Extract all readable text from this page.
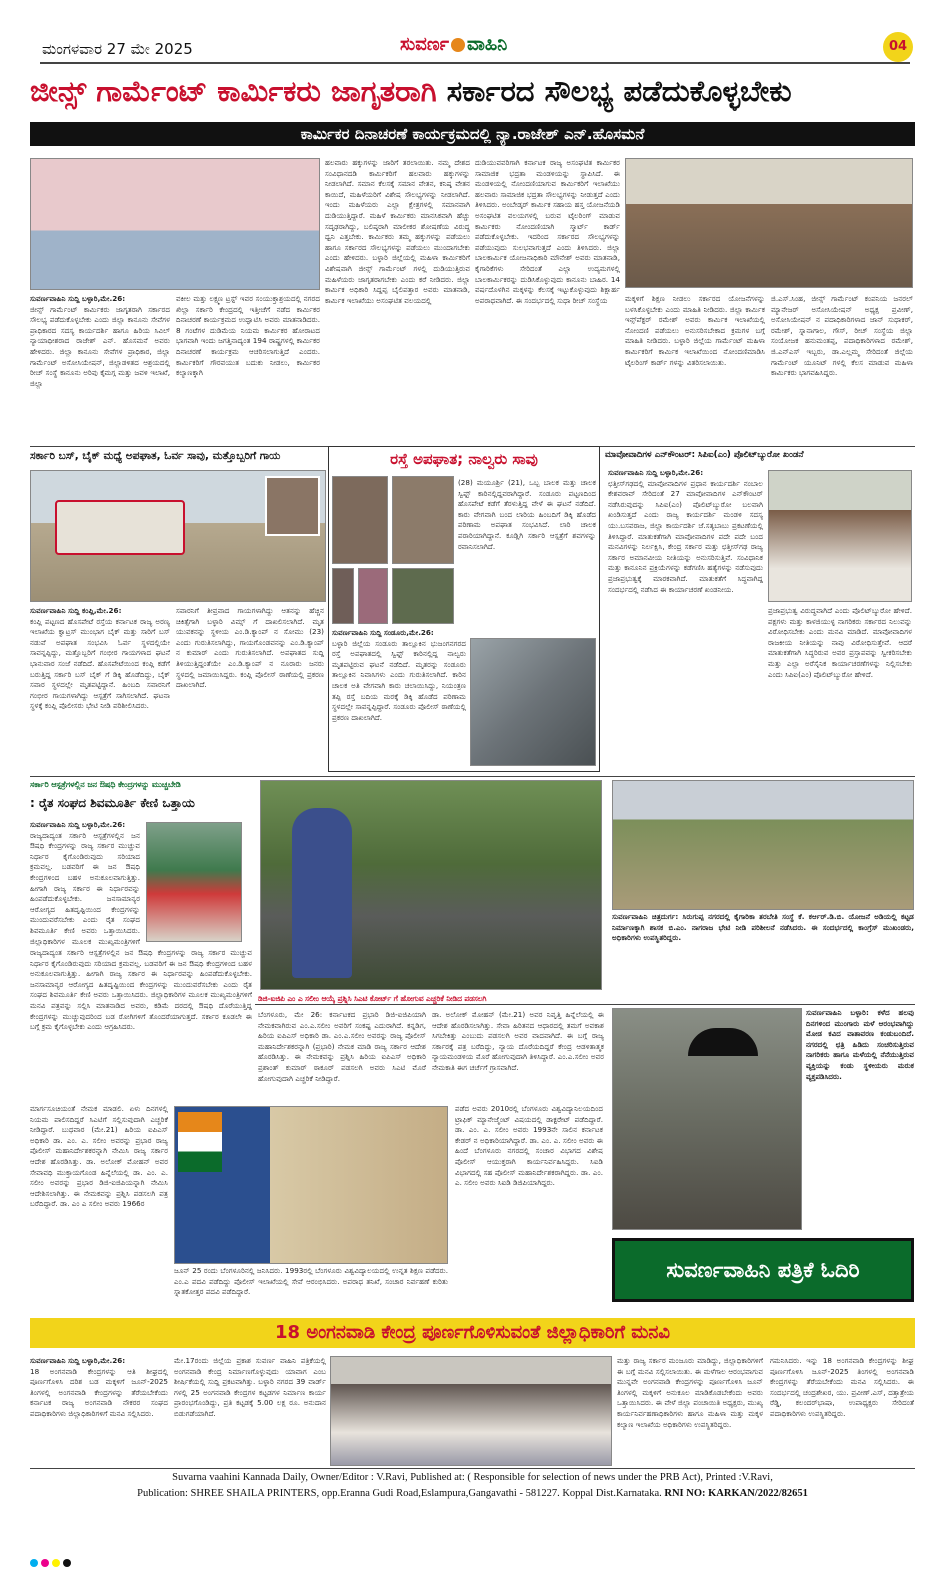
ಮಂಗಳವಾರ 27 ಮೇ 2025	ಸುವರ್ಣ ವಾಹಿನಿ	04
ಜೀನ್ಸ್ ಗಾರ್ಮೆಂಟ್ ಕಾರ್ಮಿಕರು ಜಾಗೃತರಾಗಿ ಸರ್ಕಾರದ ಸೌಲಭ್ಯ ಪಡೆದುಕೊಳ್ಳಬೇಕು
ಕಾರ್ಮಿಕರ ದಿನಾಚರಣೆ ಕಾರ್ಯಕ್ರಮದಲ್ಲಿ ನ್ಯಾ.ರಾಜೇಶ್ ಎನ್.ಹೊಸಮನೆ

ಸುವರ್ಣವಾಹಿನಿ ಸುದ್ದಿ ಬಳ್ಳಾರಿ,ಮೇ.26:

ಜೀನ್ಸ್ ಗಾರ್ಮೆಂಟ್ ಕಾರ್ಮಿಕರು ಜಾಗೃತರಾಗಿ ಸರ್ಕಾರದ ಸೌಲಭ್ಯ ಪಡೆದುಕೊಳ್ಳಬೇಕು ಎಂದು ಜಿಲ್ಲಾ ಕಾನೂನು ಸೇವೆಗಳ ಪ್ರಾಧಿಕಾರದ ಸದಸ್ಯ ಕಾರ್ಯದರ್ಶಿ ಹಾಗೂ ಹಿರಿಯ ಸಿವಿಲ್ ನ್ಯಾಯಾಧೀಶರಾದ ರಾಜೇಶ್ ಎನ್. ಹೊಸಮನೆ ಅವರು ಹೇಳಿದರು. ಜಿಲ್ಲಾ ಕಾನೂನು ಸೇವೆಗಳ ಪ್ರಾಧಿಕಾರ, ಜಿಲ್ಲಾ ಗಾರ್ಮೆಂಟ್ ಅಸೋಸಿಯೇಷನ್, ಜಿಲ್ಲಾಡಳಿತದ ಆಶ್ರಯದಲ್ಲಿ ರೀಚ್ ಸಂಸ್ಥೆ ಕಾನೂನು ಅರಿವು ಕೈಮಗ್ಗ ಮತ್ತು ಜವಳಿ ಇಲಾಖೆ, ಜಿಲ್ಲಾ

ವಕೀಲ ಮತ್ತು ಲಕ್ಷ್ಮಣ ಟ್ರಸ್ಟ್ ಇವರ ಸಂಯುಕ್ತಾಶ್ರಯದಲ್ಲಿ ನಗರದ ಖಿಲ್ಲಾ ಸರ್ಕಾರಿ ಕೇಂದ್ರದಲ್ಲಿ ಇತ್ತೀಚೆಗೆ ನಡೆದ ಕಾರ್ಮಿಕರ ದಿನಾಚರಣೆ ಕಾರ್ಯಕ್ರಮದ ಉದ್ಘಾಟಿಸಿ ಅವರು ಮಾತನಾಡಿದರು. 8 ಗಂಟೆಗಳ ದುಡಿಮೆಯ ನಿಯಮ ಕಾರ್ಮಿಕರ ಹೋರಾಟದ ಭಾಗವಾಗಿ ಇಂದು ಜಗತ್ತಿನಾದ್ಯಂತ 194 ರಾಷ್ಟ್ರಗಳಲ್ಲಿ ಕಾರ್ಮಿಕರ ದಿನಾಚರಣೆ ಕಾರ್ಯಕ್ರಮ ಆಚರಿಸಲಾಗುತ್ತಿದೆ ಎಂದರು. ಕಾರ್ಮಿಕರಿಗೆ ಗೌರವಯುತ ಬದುಕು ನೀಡಲು, ಕಾರ್ಮಿಕರ ಕಲ್ಯಾಣಕ್ಕಾಗಿ

ಹಲವಾರು ಹಕ್ಕುಗಳನ್ನು ಜಾರಿಗೆ ತರಲಾಯಿತು. ನಮ್ಮ ದೇಶದ ಸಂವಿಧಾನದಡಿ ಕಾರ್ಮಿಕರಿಗೆ ಹಲವಾರು ಹಕ್ಕುಗಳನ್ನು ನೀಡಲಾಗಿದೆ. ಸಮಾನ ಕೆಲಸಕ್ಕೆ ಸಮಾನ ವೇತನ, ಕನಿಷ್ಠ ವೇತನ ಕಾಯಿದೆ, ಮಹಿಳೆಯರಿಗೆ ವಿಶೇಷ ಸೌಲಭ್ಯಗಳನ್ನು ನೀಡಲಾಗಿದೆ. ಇಂದು ಮಹಿಳೆಯರು ಎಲ್ಲಾ ಕ್ಷೇತ್ರಗಳಲ್ಲಿ ಸಮಾನವಾಗಿ ದುಡಿಯುತ್ತಿದ್ದಾರೆ. ಮಹಿಳೆ ಕಾರ್ಮಿಕರು ಮಾನಸಿಕವಾಗಿ ಹೆಚ್ಚು ಸದೃಢರಾಗಿದ್ದು, ಬಲಿಷ್ಠರಾಗಿ ಮಾಲೀಕರ ಶೋಷಣೆಯ ವಿರುದ್ಧ ಧ್ವನಿ ಎತ್ತಬೇಕು. ಕಾರ್ಮಿಕರು ತಮ್ಮ ಹಕ್ಕುಗಳನ್ನು ಪಡೆಯಲು ಹಾಗೂ ಸರ್ಕಾರದ ಸೌಲಭ್ಯಗಳನ್ನು ಪಡೆಯಲು ಮುಂದಾಗಬೇಕು ಎಂದು ಹೇಳಿದರು. ಬಳ್ಳಾರಿ ಜಿಲ್ಲೆಯಲ್ಲಿ ಮಹಿಳಾ ಕಾರ್ಮಿಕರಿಗೆ ವಿಶೇಷವಾಗಿ ಜೀನ್ಸ್ ಗಾರ್ಮೆಂಟ್ ಗಳಲ್ಲಿ ದುಡಿಯುತ್ತಿರುವ ಮಹಿಳೆಯರು ಜಾಗೃತರಾಗಬೇಕು ಎಂದು ಕರೆ ನೀಡಿದರು. ಜಿಲ್ಲಾ ಕಾರ್ಮಿಕ ಅಧಿಕಾರಿ ಸಿದ್ದಪ್ಪ ಬೈಲಿಪತ್ತಾರ ಅವರು ಮಾತನಾಡಿ, ಕಾರ್ಮಿಕ ಇಲಾಖೆಯು ಅಸಂಘಟಿತ ವಲಯದಲ್ಲಿ

ದುಡಿಯುವವರಿಗಾಗಿ ಕರ್ನಾಟಕ ರಾಜ್ಯ ಅಸಂಘಟಿತ ಕಾರ್ಮಿಕರ ಸಾಮಾಜಿಕ ಭದ್ರತಾ ಮಂಡಳಿಯನ್ನು ಸ್ಥಾಪಿಸಿದೆ. ಈ ಮಂಡಳಿಯಲ್ಲಿ ನೋಂದಣಿಯಾಗುವ ಕಾರ್ಮಿಕರಿಗೆ ಇಲಾಖೆಯು ಹಲವಾರು ಸಾಮಾಜಿಕ ಭದ್ರತಾ ಸೌಲಭ್ಯಗಳನ್ನು ನೀಡುತ್ತದೆ ಎಂದು ತಿಳಿಸಿದರು. ಅಂಬೇಡ್ಕರ್ ಕಾರ್ಮಿಕ ಸಹಾಯ ಹಸ್ತ ಯೋಜನೆಯಡಿ ಅಸಂಘಟಿತ ವಲಯಗಳಲ್ಲಿ ಬರುವ ಟೈಲರಿಂಗ್ ಮಾಡುವ ಕಾರ್ಮಿಕರು ನೋಂದಣಿಯಾಗಿ ಸ್ಮಾರ್ಟ್ ಕಾರ್ಡ್ ಪಡೆದುಕೊಳ್ಳಬೇಕು. ಇದರಿಂದ ಸರ್ಕಾರದ ಸೌಲಭ್ಯಗಳನ್ನು ಪಡೆಯುವುದು ಸುಲಭವಾಗುತ್ತದೆ ಎಂದು ತಿಳಿಸಿದರು. ಜಿಲ್ಲಾ ಬಾಲಕಾರ್ಮಿಕ ಯೋಜನಾಧಿಕಾರಿ ಮೌನೇಶ್ ಅವರು ಮಾತನಾಡಿ, ಕೈಗಾರಿಕೆಗಳು ಸೇರಿದಂತೆ ಎಲ್ಲಾ ಉದ್ಯಮಗಳಲ್ಲಿ ಬಾಲಕಾರ್ಮಿಕರನ್ನು ದುಡಿಸಿಕೊಳ್ಳುವುದು ಕಾನೂನು ಬಾಹಿರ. 14 ವರ್ಷದೊಳಗಿನ ಮಕ್ಕಳನ್ನು ಕೆಲಸಕ್ಕೆ ಇಟ್ಟುಕೊಳ್ಳುವುದು ಶಿಕ್ಷಾರ್ಹ ಅಪರಾಧವಾಗಿದೆ. ಈ ಸಂದರ್ಭದಲ್ಲಿ ಸುಧಾ ರೀಚ್ ಸಂಸ್ಥೆಯ	ಮಕ್ಕಳಿಗೆ ಶಿಕ್ಷಣ ನೀಡಲು ಸರ್ಕಾರದ ಯೋಜನೆಗಳನ್ನು ಬಳಸಿಕೊಳ್ಳಬೇಕು ಎಂದು ಮಾಹಿತಿ ನೀಡಿದರು. ಜಿಲ್ಲಾ ಕಾರ್ಮಿಕ ಇನ್ಸ್‌ಪೆಕ್ಟರ್ ರಮೇಶ್ ಅವರು ಕಾರ್ಮಿಕ ಇಲಾಖೆಯಲ್ಲಿ ನೋಂದಣಿ ಪಡೆಯಲು ಅನುಸರಿಸಬೇಕಾದ ಕ್ರಮಗಳ ಬಗ್ಗೆ ಮಾಹಿತಿ ನೀಡಿದರು. ಬಳ್ಳಾರಿ ಜಿಲ್ಲೆಯ ಗಾರ್ಮೆಂಟ್ ಮಹಿಳಾ ಕಾರ್ಮಿಕರಿಗೆ ಕಾರ್ಮಿಕ ಇಲಾಖೆಯಿಂದ ನೋಂದಣಿಮಾಡಿಸಿ ಟೈಲರಿಂಗ್ ಕಾರ್ಡ್ ಗಳನ್ನು ವಿತರಿಸಲಾಯಿತು.

ಜಿ.ಎಸ್.ಸಿಂಹ, ಜೀನ್ಸ್ ಗಾರ್ಮೆಂಟ್ ಕಂಪನಿಯ ಜನರಲ್ ಮ್ಯಾನೇಜರ್ ಅಸೋಸಿಯೇಷನ್ ಅಧ್ಯಕ್ಷ ಪ್ರವೀಣ್, ಅಸೋಸಿಯೇಷನ್ ನ ಪದಾಧಿಕಾರಿಗಳಾದ ಜಾನ್ ಸುಧಾಕರ್, ರಮೇಶ್, ಸ್ನಾನಾಗಾಲ, ಗೌಸ್, ರೀಚ್ ಸಂಸ್ಥೆಯ ಜಿಲ್ಲಾ ಸಂಯೋಜಕ ಹನುಮಂತಪ್ಪ, ಪದಾಧಿಕಾರಿಗಳಾದ ರಮೇಶ್, ಜಿ.ಎನ್ಎಸ್ ಇಬ್ಬರು, ಡಾ.ಎಲ್ಲಮ್ಮ ಸೇರಿದಂತೆ ಜಿಲ್ಲೆಯ ಗಾರ್ಮೆಂಟ್ ಯೂನಿಟ್ ಗಳಲ್ಲಿ ಕೆಲಸ ಮಾಡುವ ಮಹಿಳಾ ಕಾರ್ಮಿಕರು ಭಾಗವಹಿಸಿದ್ದರು.

ಸರ್ಕಾರಿ ಬಸ್, ಬೈಕ್ ಮಧ್ಯೆ ಅಪಘಾತ, ಓರ್ವ ಸಾವು, ಮತ್ತೊಬ್ಬರಿಗೆ ಗಾಯ

ಸುವರ್ಣವಾಹಿನಿ ಸುದ್ದಿ ಕಂಪ್ಲಿ,ಮೇ.26:

ಕಂಪ್ಲಿ ಪಟ್ಟಣದ ಹೊಸಪೇಟೆ ರಸ್ತೆಯ ಕರ್ನಾಟಕ ರಾಜ್ಯ ಅರಣ್ಯ ಇಲಾಖೆಯ ಕ್ವಾಟ್ರಸ್ ಮುಂಭಾಗ ಬೈಕ್ ಮತ್ತು ಸಾರಿಗೆ ಬಸ್ ನಡುವೆ ಅಪಘಾತ ಸಂಭವಿಸಿ ಓರ್ವ ಸ್ಥಳದಲ್ಲಿಯೇ ಸಾವನ್ನಪ್ಪಿದ್ದು, ಮತ್ತೊಬ್ಬರಿಗೆ ಗಂಭೀರ ಗಾಯಗಳಾದ ಘಟನೆ ಭಾನುವಾರ ಸಂಜೆ ನಡೆದಿದೆ. ಹೊಸಪೇಟೆಯಿಂದ ಕಂಪ್ಲಿ ಕಡೆಗೆ ಬರುತ್ತಿದ್ದ ಸರ್ಕಾರಿ ಬಸ್ ಬೈಕ್ ಗೆ ಡಿಕ್ಕಿ ಹೊಡೆದಿದ್ದು, ಬೈಕ್ ಸವಾರ ಸ್ಥಳದಲ್ಲೇ ಮೃತಪಟ್ಟಿದ್ದಾನೆ. ಹಿಂಬದಿ ಸವಾರನಿಗೆ ಗಂಭೀರ ಗಾಯಗಳಾಗಿದ್ದು ಆಸ್ಪತ್ರೆಗೆ ಸಾಗಿಸಲಾಗಿದೆ. ಘಟನಾ ಸ್ಥಳಕ್ಕೆ ಕಂಪ್ಲಿ ಪೊಲೀಸರು ಭೇಟಿ ನೀಡಿ ಪರಿಶೀಲಿಸಿದರು.

ಸವಾರನಿಗೆ ತೀವ್ರವಾದ ಗಾಯಗಳಾಗಿದ್ದು ಆತನನ್ನು ಹೆಚ್ಚಿನ ಚಿಕಿತ್ಸೆಗಾಗಿ ಬಳ್ಳಾರಿ ವಿಮ್ಸ್ ಗೆ ದಾಖಲಿಸಲಾಗಿದೆ. ಮೃತ ಯುವಕನನ್ನು ಸ್ಥಳೀಯ ಎಂ.ಡಿ.ಕ್ಯಾಂಪ್ ನ ಸೋಮು (23) ಎಂದು ಗುರುತಿಸಲಾಗಿದ್ದು, ಗಾಯಗೊಂಡವನನ್ನು ಎಂ.ಡಿ.ಕ್ಯಾಂಪ್ ನ ಕುಮಾರ್ ಎಂದು ಗುರುತಿಸಲಾಗಿದೆ. ಅಪಘಾತದ ಸುದ್ದಿ ತಿಳಿಯುತ್ತಿದ್ದಂತೆಯೇ ಎಂ.ಡಿ.ಕ್ಯಾಂಪ್ ನ ನೂರಾರು ಜನರು ಸ್ಥಳದಲ್ಲಿ ಜಮಾಯಿಸಿದ್ದರು. ಕಂಪ್ಲಿ ಪೊಲೀಸ್ ಠಾಣೆಯಲ್ಲಿ ಪ್ರಕರಣ ದಾಖಲಾಗಿದೆ.

ರಸ್ತೆ ಅಪಘಾತ; ನಾಲ್ವರು ಸಾವು

(28) ಮಯೂರ್ಶ್ರಿ (21), ಒಬ್ಬ ಬಾಲಕ ಮತ್ತು ಚಾಲಕ ಸ್ವಿಫ್ಟ್ ಕಾರಿನಲ್ಲಿದ್ದವರಾಗಿದ್ದಾರೆ. ಸಂಡೂರು ಪಟ್ಟಣದಿಂದ ಹೊಸಪೇಟೆ ಕಡೆಗೆ ತೆರಳುತ್ತಿದ್ದ ವೇಳೆ ಈ ಘಟನೆ ನಡೆದಿದೆ. ಕಾರು ವೇಗವಾಗಿ ಬಂದ ಲಾರಿಯ ಹಿಂಬದಿಗೆ ಡಿಕ್ಕಿ ಹೊಡೆದ ಪರಿಣಾಮ ಅಪಘಾತ ಸಂಭವಿಸಿದೆ. ಲಾರಿ ಚಾಲಕ ಪರಾರಿಯಾಗಿದ್ದಾನೆ. ಕೂಡ್ಲಿಗಿ ಸರ್ಕಾರಿ ಆಸ್ಪತ್ರೆಗೆ ಶವಗಳನ್ನು ರವಾನಿಸಲಾಗಿದೆ.

ಸುವರ್ಣವಾಹಿನಿ ಸುದ್ದಿ ಸಂಡೂರು,ಮೇ.26:

ಬಳ್ಳಾರಿ ಜಿಲ್ಲೆಯ ಸಂಡೂರು ತಾಲ್ಲೂಕಿನ ಭುಜಂಗನಗರದ ರಸ್ತೆ ಅಪಘಾತದಲ್ಲಿ ಸ್ವಿಫ್ಟ್ ಕಾರಿನಲ್ಲಿದ್ದ ನಾಲ್ವರು ಮೃತಪಟ್ಟಿರುವ ಘಟನೆ ನಡೆದಿದೆ. ಮೃತರನ್ನು ಸಂಡೂರು ತಾಲ್ಲೂಕಿನ ನಿವಾಸಿಗಳು ಎಂದು ಗುರುತಿಸಲಾಗಿದೆ. ಕಾರಿನ ಚಾಲಕ ಅತಿ ವೇಗವಾಗಿ ಕಾರು ಚಲಾಯಿಸಿದ್ದು, ನಿಯಂತ್ರಣ ತಪ್ಪಿ ರಸ್ತೆ ಬದಿಯ ಮರಕ್ಕೆ ಡಿಕ್ಕಿ ಹೊಡೆದ ಪರಿಣಾಮ ಸ್ಥಳದಲ್ಲೇ ಸಾವನ್ನಪ್ಪಿದ್ದಾರೆ. ಸಂಡೂರು ಪೊಲೀಸ್ ಠಾಣೆಯಲ್ಲಿ ಪ್ರಕರಣ ದಾಖಲಾಗಿದೆ.

ಮಾವೋವಾದಿಗಳ ಎನ್‌ಕೌಂಟರ್: ಸಿಪಿಐ(ಎಂ) ಪೊಲಿಟ್‌ಬ್ಯುರೋ ಖಂಡನೆ

ಸುವರ್ಣವಾಹಿನಿ ಸುದ್ದಿ ಬಳ್ಳಾರಿ,ಮೇ.26:

ಛತ್ತೀಸ್‌ಗಢದಲ್ಲಿ ಮಾವೋವಾದಿಗಳ ಪ್ರಧಾನ ಕಾರ್ಯದರ್ಶಿ ನಂಬಾಲ ಕೇಶವರಾವ್ ಸೇರಿದಂತೆ 27 ಮಾವೋವಾದಿಗಳ ಎನ್‌ಕೌಂಟರ್ ನಡೆಸಿರುವುದನ್ನು ಸಿಪಿಐ(ಎಂ) ಪೊಲಿಟ್‌ಬ್ಯುರೋ ಬಲವಾಗಿ ಖಂಡಿಸುತ್ತದೆ ಎಂದು ರಾಜ್ಯ ಕಾರ್ಯದರ್ಶಿ ಮಂಡಳಿ ಸದಸ್ಯ ಯು.ಬಸವರಾಜ, ಜಿಲ್ಲಾ ಕಾರ್ಯದರ್ಶಿ ಜೆ.ಸತ್ಯಬಾಬು ಪ್ರಕಟಣೆಯಲ್ಲಿ ತಿಳಿಸಿದ್ದಾರೆ. ಮಾತುಕತೆಗಾಗಿ ಮಾವೋವಾದಿಗಳ ಪದೇ ಪದೇ ಬಂದ ಮನವಿಗಳನ್ನು ನಿರ್ಲಕ್ಷಿಸಿ, ಕೇಂದ್ರ ಸರ್ಕಾರ ಮತ್ತು ಛತ್ತೀಸ್‌ಗಢ ರಾಜ್ಯ ಸರ್ಕಾರ ಅಮಾನವೀಯ ನೀತಿಯನ್ನು ಅನುಸರಿಸುತ್ತಿವೆ. ಸಂವಿಧಾನಿಕ ಮತ್ತು ಕಾನೂನಿನ ಪ್ರಕ್ರಿಯೆಗಳನ್ನು ಕಡೆಗಣಿಸಿ ಹತ್ಯೆಗಳನ್ನು ನಡೆಸುವುದು ಪ್ರಜಾಪ್ರಭುತ್ವಕ್ಕೆ ಮಾರಕವಾಗಿದೆ. ಮಾತುಕತೆಗೆ ಸಿದ್ಧವಾಗಿದ್ದ ಸಂದರ್ಭದಲ್ಲಿ ನಡೆಸಿದ ಈ ಕಾರ್ಯಾಚರಣೆ ಖಂಡನೀಯ.

ಪ್ರಜಾಪ್ರಭುತ್ವ ವಿರುದ್ಧವಾಗಿದೆ ಎಂದು ಪೊಲಿಟ್‌ಬ್ಯುರೋ ಹೇಳಿದೆ. ಪಕ್ಷಗಳು ಮತ್ತು ಕಾಳಜಿಯುಳ್ಳ ನಾಗರಿಕರು ಸರ್ಕಾರದ ನಿಲುವನ್ನು ವಿರೋಧಿಸಬೇಕು ಎಂದು ಮನವಿ ಮಾಡಿದೆ. ಮಾವೋವಾದಿಗಳ ರಾಜಕೀಯ ನೀತಿಯನ್ನು ನಾವು ವಿರೋಧಿಸುತ್ತೇವೆ. ಆದರೆ ಮಾತುಕತೆಗಾಗಿ ಸಿದ್ಧರಿರುವ ಅವರ ಪ್ರಸ್ತಾಪವನ್ನು ಸ್ವೀಕರಿಸಬೇಕು ಮತ್ತು ಎಲ್ಲಾ ಅರೆಸೈನಿಕ ಕಾರ್ಯಾಚರಣೆಗಳನ್ನು ನಿಲ್ಲಿಸಬೇಕು ಎಂದು ಸಿಪಿಐ(ಎಂ) ಪೊಲಿಟ್‌ಬ್ಯುರೋ ಹೇಳಿದೆ.

ಸರ್ಕಾರಿ ಆಸ್ಪತ್ರೆಗಳಲ್ಲಿನ ಜನ ಔಷಧಿ ಕೇಂದ್ರಗಳನ್ನು ಮುಚ್ಚಬೇಡಿ
: ರೈತ ಸಂಘದ ಶಿವಮೂರ್ತಿ ಕೇಣಿ ಒತ್ತಾಯ

ಸುವರ್ಣವಾಹಿನಿ ಸುದ್ದಿ ಬಳ್ಳಾರಿ,ಮೇ.26:

ರಾಜ್ಯದಾದ್ಯಂತ ಸರ್ಕಾರಿ ಆಸ್ಪತ್ರೆಗಳಲ್ಲಿನ ಜನ ಔಷಧಿ ಕೇಂದ್ರಗಳನ್ನು ರಾಜ್ಯ ಸರ್ಕಾರ ಮುಚ್ಚುವ ನಿರ್ಧಾರ ಕೈಗೊಂಡಿರುವುದು ಸರಿಯಾದ ಕ್ರಮವಲ್ಲ. ಬಡವರಿಗೆ ಈ ಜನ ಔಷಧಿ ಕೇಂದ್ರಗಳಿಂದ ಬಹಳ ಅನುಕೂಲವಾಗುತ್ತಿತ್ತು. ಹೀಗಾಗಿ ರಾಜ್ಯ ಸರ್ಕಾರ ಈ ನಿರ್ಧಾರವನ್ನು ಹಿಂಪಡೆದುಕೊಳ್ಳಬೇಕು. ಜನಸಾಮಾನ್ಯರ ಆರೋಗ್ಯದ ಹಿತದೃಷ್ಟಿಯಿಂದ ಕೇಂದ್ರಗಳನ್ನು ಮುಂದುವರೆಸಬೇಕು ಎಂದು ರೈತ ಸಂಘದ ಶಿವಮೂರ್ತಿ ಕೇಣಿ ಅವರು ಒತ್ತಾಯಿಸಿದರು. ಜಿಲ್ಲಾಧಿಕಾರಿಗಳ ಮೂಲಕ ಮುಖ್ಯಮಂತ್ರಿಗಳಿಗೆ

ರಾಜ್ಯದಾದ್ಯಂತ ಸರ್ಕಾರಿ ಆಸ್ಪತ್ರೆಗಳಲ್ಲಿನ ಜನ ಔಷಧಿ ಕೇಂದ್ರಗಳನ್ನು ರಾಜ್ಯ ಸರ್ಕಾರ ಮುಚ್ಚುವ ನಿರ್ಧಾರ ಕೈಗೊಂಡಿರುವುದು ಸರಿಯಾದ ಕ್ರಮವಲ್ಲ. ಬಡವರಿಗೆ ಈ ಜನ ಔಷಧಿ ಕೇಂದ್ರಗಳಿಂದ ಬಹಳ ಅನುಕೂಲವಾಗುತ್ತಿತ್ತು. ಹೀಗಾಗಿ ರಾಜ್ಯ ಸರ್ಕಾರ ಈ ನಿರ್ಧಾರವನ್ನು ಹಿಂಪಡೆದುಕೊಳ್ಳಬೇಕು. ಜನಸಾಮಾನ್ಯರ ಆರೋಗ್ಯದ ಹಿತದೃಷ್ಟಿಯಿಂದ ಕೇಂದ್ರಗಳನ್ನು ಮುಂದುವರೆಸಬೇಕು ಎಂದು ರೈತ ಸಂಘದ ಶಿವಮೂರ್ತಿ ಕೇಣಿ ಅವರು ಒತ್ತಾಯಿಸಿದರು. ಜಿಲ್ಲಾಧಿಕಾರಿಗಳ ಮೂಲಕ ಮುಖ್ಯಮಂತ್ರಿಗಳಿಗೆ ಮನವಿ ಪತ್ರವನ್ನು ಸಲ್ಲಿಸಿ ಮಾತನಾಡಿದ ಅವರು, ಕಡಿಮೆ ದರದಲ್ಲಿ ಔಷಧಿ ದೊರೆಯುತ್ತಿದ್ದ ಕೇಂದ್ರಗಳನ್ನು ಮುಚ್ಚುವುದರಿಂದ ಬಡ ರೋಗಿಗಳಿಗೆ ತೊಂದರೆಯಾಗುತ್ತದೆ. ಸರ್ಕಾರ ಕೂಡಲೇ ಈ ಬಗ್ಗೆ ಕ್ರಮ ಕೈಗೊಳ್ಳಬೇಕು ಎಂದು ಆಗ್ರಹಿಸಿದರು.

ಸುವರ್ಣವಾಹಿನಿ ಚಿತ್ರದುರ್ಗ: ಸಿರುಗುಪ್ಪ ನಗರದಲ್ಲಿ ಕೈಗಾರಿಕಾ ತರಬೇತಿ ಸಂಸ್ಥೆ ಕೆ. ಕರ್ಆರ್.ಡಿ.ಬಿ. ಯೋಜನೆ ಅಡಿಯಲ್ಲಿ ಕಟ್ಟಡ ನಿರ್ಮಾಣಕ್ಕಾಗಿ ಶಾಸಕ ಬಿ.ಎಂ. ನಾಗರಾಜ ಭೇಟಿ ನೀಡಿ ಪರಿಶೀಲನೆ ನಡೆಸಿದರು. ಈ ಸಂದರ್ಭದಲ್ಲಿ ಕಾಂಗ್ರೆಸ್ ಮುಖಂಡರು, ಅಧಿಕಾರಿಗಳು ಉಪಸ್ಥಿತರಿದ್ದರು.
ಡಿಜಿ-ಐಜಿಪಿ ಎಂ ಎ ಸಲೀಂ ಆಯ್ಕೆ ಪ್ರಶ್ನಿಸಿ ಸಿಎಟಿ ಕೋರ್ಟ್ ಗೆ ಹೋಗುವ ಎಚ್ಚರಿಕೆ ನೀಡಿದ ಪಡಸಲಗಿ

ಬೆಂಗಳೂರು, ಮೇ 26: ಕರ್ನಾಟಕದ ಪ್ರಭಾರಿ ಡಿಜಿ-ಐಜಿಪಿಯಾಗಿ ನೇಮಕವಾಗಿರುವ ಎಂ.ಎ.ಸಲೀಂ ಅವರಿಗೆ ಸಂಕಷ್ಟ ಎದುರಾಗಿದೆ. ಕನ್ನಡಿಗ, ಹಿರಿಯ ಐಪಿಎಸ್ ಅಧಿಕಾರಿ ಡಾ. ಎಂ.ಎ.ಸಲೀಂ ಅವರನ್ನು ರಾಜ್ಯ ಪೊಲೀಸ್ ಮಹಾನಿರ್ದೇಶಕರನ್ನಾಗಿ (ಪ್ರಭಾರಿ) ನೇಮಕ ಮಾಡಿ ರಾಜ್ಯ ಸರ್ಕಾರ ಆದೇಶ ಹೊರಡಿಸಿತ್ತು. ಈ ನೇಮಕವನ್ನು ಪ್ರಶ್ನಿಸಿ ಹಿರಿಯ ಐಪಿಎಸ್ ಅಧಿಕಾರಿ ಪ್ರಶಾಂತ್ ಕುಮಾರ್ ಠಾಕೂರ್ ಪಡಸಲಗಿ ಅವರು ಸಿಎಟಿ ಮೊರೆ ಹೋಗುವುದಾಗಿ ಎಚ್ಚರಿಕೆ ನೀಡಿದ್ದಾರೆ.

ಡಾ. ಅಲೋಕ್ ಮೋಹನ್ (ಮೇ.21) ಅವರ ನಿವೃತ್ತಿ ಹಿನ್ನೆಲೆಯಲ್ಲಿ ಈ ಆದೇಶ ಹೊರಡಿಸಲಾಗಿತ್ತು. ಸೇವಾ ಹಿರಿತನದ ಆಧಾರದಲ್ಲಿ ತಮಗೆ ಅವಕಾಶ ಸಿಗಬೇಕಿತ್ತು ಎಂಬುದು ಪಡಸಲಗಿ ಅವರ ವಾದವಾಗಿದೆ. ಈ ಬಗ್ಗೆ ರಾಜ್ಯ ಸರ್ಕಾರಕ್ಕೆ ಪತ್ರ ಬರೆದಿದ್ದು, ನ್ಯಾಯ ದೊರೆಯದಿದ್ದರೆ ಕೇಂದ್ರ ಆಡಳಿತಾತ್ಮಕ ನ್ಯಾಯಮಂಡಳಿಯ ಮೊರೆ ಹೋಗುವುದಾಗಿ ತಿಳಿಸಿದ್ದಾರೆ. ಎಂ.ಎ.ಸಲೀಂ ಅವರ ನೇಮಕಾತಿ ಈಗ ಚರ್ಚೆಗೆ ಗ್ರಾಸವಾಗಿದೆ.

ಮಾರ್ಗಸೂಚಿಯಂತೆ ನೇಮಕ ಮಾಡಲಿ. ಏಳು ದಿನಗಳಲ್ಲಿ ನಿಯಮ ಪಾಲಿಸದಿದ್ದರೆ ಸಿಎಟಿಗೆ ಸಲ್ಲಿಸುವುದಾಗಿ ಎಚ್ಚರಿಕೆ ನೀಡಿದ್ದಾರೆ. ಬುಧವಾರ (ಮೇ.21) ಹಿರಿಯ ಐಪಿಎಸ್ ಅಧಿಕಾರಿ ಡಾ. ಎಂ. ಎ. ಸಲೀಂ ಅವರನ್ನು ಪ್ರಭಾರ ರಾಜ್ಯ ಪೊಲೀಸ್ ಮಹಾನಿರ್ದೇಶಕರನ್ನಾಗಿ ನೇಮಿಸಿ ರಾಜ್ಯ ಸರ್ಕಾರ ಆದೇಶ ಹೊರಡಿಸಿತ್ತು. ಡಾ. ಅಲೋಕ್ ಮೋಹನ್ ಅವರ ಸೇವಾವಧಿ ಮುಕ್ತಾಯಗೊಂಡ ಹಿನ್ನೆಲೆಯಲ್ಲಿ ಡಾ. ಎಂ. ಎ. ಸಲೀಂ ಅವರನ್ನು ಪ್ರಭಾರ ಡಿಜಿ-ಐಜಿಪಿಯನ್ನಾಗಿ ನೇಮಿಸಿ ಆದೇಶಿಸಲಾಗಿತ್ತು. ಈ ನೇಮಕವನ್ನು ಪ್ರಶ್ನಿಸಿ ಪಡಸಲಗಿ ಪತ್ರ ಬರೆದಿದ್ದಾರೆ. ಡಾ. ಎಂ ಎ ಸಲೀಂ ಅವರು 1966ರ

ಜೂನ್ 25 ರಂದು ಬೆಂಗಳೂರಿನಲ್ಲಿ ಜನಿಸಿದರು. 1993ರಲ್ಲಿ ಬೆಂಗಳೂರು ವಿಶ್ವವಿದ್ಯಾಲಯದಲ್ಲಿ ಉನ್ನತ ಶಿಕ್ಷಣ ಪಡೆದರು. ಎಂ.ಎ ಪದವಿ ಪಡೆದಿದ್ದು ಪೊಲೀಸ್ ಇಲಾಖೆಯಲ್ಲಿ ಸೇವೆ ಆರಂಭಿಸಿದರು. ಅಪರಾಧ ತನಿಖೆ, ಸಂಚಾರ ನಿರ್ವಹಣೆ ಕುರಿತು ಸ್ನಾತಕೋತ್ತರ ಪದವಿ ಪಡೆದಿದ್ದಾರೆ.

ಪಡೆದ ಅವರು 2010ರಲ್ಲಿ ಬೆಂಗಳೂರು ವಿಶ್ವವಿದ್ಯಾನಿಲಯದಿಂದ ಟ್ರಾಫಿಕ್ ಮ್ಯಾನೇಜ್ಮೆಂಟ್ ವಿಷಯದಲ್ಲಿ ಡಾಕ್ಟರೇಟ್ ಪಡೆದಿದ್ದಾರೆ. ಡಾ. ಎಂ. ಎ. ಸಲೀಂ ಅವರು 1993ನೇ ಸಾಲಿನ ಕರ್ನಾಟಕ ಕೇಡರ್ ನ ಅಧಿಕಾರಿಯಾಗಿದ್ದಾರೆ. ಡಾ. ಎಂ. ಎ. ಸಲೀಂ ಅವರು ಈ ಹಿಂದೆ ಬೆಂಗಳೂರು ನಗರದಲ್ಲಿ ಸಂಚಾರ ವಿಭಾಗದ ವಿಶೇಷ ಪೊಲೀಸ್ ಆಯುಕ್ತರಾಗಿ ಕಾರ್ಯನಿರ್ವಹಿಸಿದ್ದರು. ಸಿಐಡಿ ವಿಭಾಗದಲ್ಲಿ ಸಹ ಪೊಲೀಸ್ ಮಹಾನಿರ್ದೇಶಕರಾಗಿದ್ದರು. ಡಾ. ಎಂ. ಎ. ಸಲೀಂ ಅವರು ಸಿಐಡಿ ಡಿಜಿಪಿಯಾಗಿದ್ದರು.

ಸುವರ್ಣವಾಹಿನಿ ಬಳ್ಳಾರಿ: ಕಳೆದ ಹಲವು ದಿನಗಳಿಂದ ಮುಂಗಾರು ಮಳೆ ಆರಂಭವಾಗಿದ್ದು ಮೋಡ ಕವಿದ ವಾತಾವರಣ ಕಂಡುಬಂದಿದೆ. ನಗರದಲ್ಲಿ ಛತ್ರಿ ಹಿಡಿದು ಸಂಚರಿಸುತ್ತಿರುವ ನಾಗರಿಕರು ಹಾಗೂ ಮಳೆಯಲ್ಲಿ ನೆನೆಯುತ್ತಿರುವ ವ್ಯಕ್ತಿಯನ್ನು ಕಂಡು ಸ್ಥಳೀಯರು ಮರುಕ ವ್ಯಕ್ತಪಡಿಸಿದರು.
ಸುವರ್ಣವಾಹಿನಿ ಪತ್ರಿಕೆ ಓದಿರಿ
18 ಅಂಗನವಾಡಿ ಕೇಂದ್ರ ಪೂರ್ಣಗೊಳಿಸುವಂತೆ ಜಿಲ್ಲಾಧಿಕಾರಿಗೆ ಮನವಿ

ಸುವರ್ಣವಾಹಿನಿ ಸುದ್ದಿ ಬಳ್ಳಾರಿ,ಮೇ.26:

18 ಅಂಗನವಾಡಿ ಕೇಂದ್ರಗಳನ್ನು ಆತಿ ಶೀಘ್ರದಲ್ಲಿ ಪೂರ್ಣಗೊಳಿಸಿ ದರಿಶ ಬಡ ಮಕ್ಕಳಿಗೆ ಜೂನ್-2025 ತಿಂಗಳಲ್ಲಿ ಅಂಗನವಾಡಿ ಕೇಂದ್ರಗಳನ್ನು ತೆರೆಯಬೇಕೆಂದು ಕರ್ನಾಟಕ ರಾಜ್ಯ ಅಂಗನವಾಡಿ ನೌಕರರ ಸಂಘದ ಪದಾಧಿಕಾರಿಗಳು ಜಿಲ್ಲಾಧಿಕಾರಿಗಳಿಗೆ ಮನವಿ ಸಲ್ಲಿಸಿದರು.

ಮೇ.17ರಂದು ಜಿಲ್ಲೆಯ ಪ್ರಕಾಶ ಸುವರ್ಣ ವಾಹಿನಿ ಪತ್ರಿಕೆಯಲ್ಲಿ ಅಂಗನವಾಡಿ ಕೇಂದ್ರ ನಿರ್ಮಾಣಗೊಳ್ಳುವುದು ಯಾವಾಗ ಎಂಬ ಶೀರ್ಷಿಕೆಯಲ್ಲಿ ಸುದ್ದಿ ಪ್ರಕಟವಾಗಿತ್ತು. ಬಳ್ಳಾರಿ ನಗರದ 39 ವಾರ್ಡ್ ಗಳಲ್ಲಿ 25 ಅಂಗನವಾಡಿ ಕೇಂದ್ರಗಳ ಕಟ್ಟಡಗಳ ನಿರ್ಮಾಣ ಕಾರ್ಯ ಪ್ರಾರಂಭಗೊಂಡಿದ್ದು, ಪ್ರತಿ ಕಟ್ಟಡಕ್ಕೆ 5.00 ಲಕ್ಷ ರೂ. ಅನುದಾನ ಬಿಡುಗಡೆಯಾಗಿದೆ.

ಮತ್ತು ರಾಜ್ಯ ಸರ್ಕಾರ ಮಂಜೂರು ಮಾಡಿದ್ದು, ಜಿಲ್ಲಾಧಿಕಾರಿಗಳಿಗೆ ಈ ಬಗ್ಗೆ ಮನವಿ ಸಲ್ಲಿಸಲಾಯಿತು. ಈ ಮಳೆಗಾಲ ಆರಂಭವಾಗುವ ಮುನ್ನವೇ ಅಂಗನವಾಡಿ ಕೇಂದ್ರಗಳನ್ನು ಪೂರ್ಣಗೊಳಿಸಿ ಜೂನ್ ತಿಂಗಳಲ್ಲಿ ಮಕ್ಕಳಿಗೆ ಅನುಕೂಲ ಮಾಡಿಕೊಡಬೇಕೆಂದು ಅವರು ಒತ್ತಾಯಿಸಿದರು. ಈ ವೇಳೆ ಜಿಲ್ಲಾ ಪಂಚಾಯಿತಿ ಅಧ್ಯಕ್ಷರು, ಮುಖ್ಯ ಕಾರ್ಯನಿರ್ವಹಣಾಧಿಕಾರಿಗಳು ಹಾಗೂ ಮಹಿಳಾ ಮತ್ತು ಮಕ್ಕಳ ಕಲ್ಯಾಣ ಇಲಾಖೆಯ ಅಧಿಕಾರಿಗಳು ಉಪಸ್ಥಿತರಿದ್ದರು.

ಗಮನಿಸಿದರು. ಇನ್ನು 18 ಅಂಗನವಾಡಿ ಕೇಂದ್ರಗಳನ್ನು ಶೀಘ್ರ ಪೂರ್ಣಗೊಳಿಸಿ ಜೂನ್-2025 ತಿಂಗಳಲ್ಲಿ ಅಂಗನವಾಡಿ ಕೇಂದ್ರಗಳನ್ನು ತೆರೆಯಬೇಕೆಂದು ಮನವಿ ಸಲ್ಲಿಸಿದರು. ಈ ಸಂದರ್ಭದಲ್ಲಿ ಚಂದ್ರಶೇಖರ, ಯು. ಪ್ರವೀಣ್.ಎಸ್, ದತ್ತಾತ್ರೇಯ ರೆಡ್ಡಿ, ಕಲಂದರ್‌ಭಾಷಾ, ಉಪಾಧ್ಯಕ್ಷರು ಸೇರಿದಂತೆ ಪದಾಧಿಕಾರಿಗಳು ಉಪಸ್ಥಿತರಿದ್ದರು.

Suvarna vaahini Kannada Daily, Owner/Editor : V.Ravi, Published at: ( Responsible for selection of news under the PRB Act), Printed :V.Ravi,
Publication: SHREE SHAILA PRINTERS, opp.Eranna Gudi Road,Eslampura,Gangavathi - 581227. Koppal Dist.Karnataka. RNI NO: KARKAN/2022/82651
